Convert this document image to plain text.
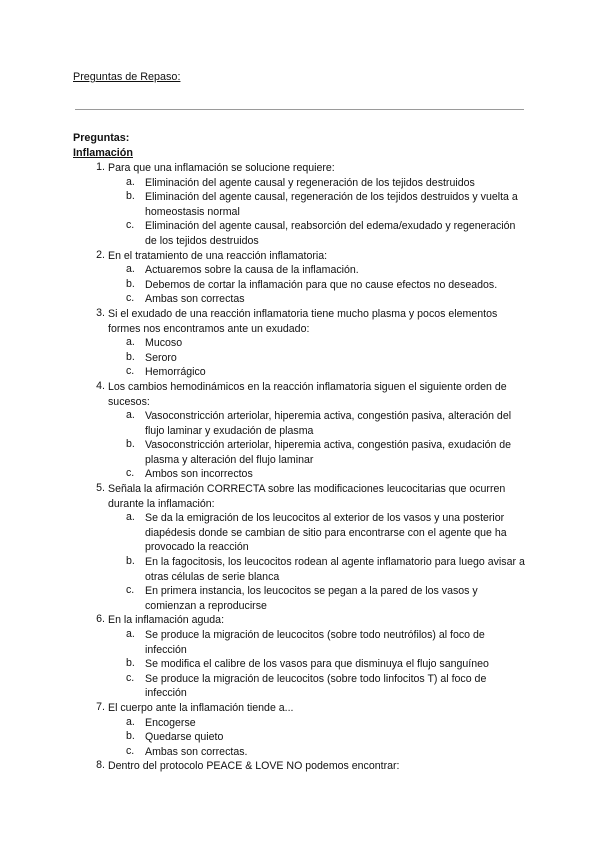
Preguntas de Repaso:
Preguntas:
Inflamación
1. Para que una inflamación se solucione requiere:
a. Eliminación del agente causal y regeneración de los tejidos destruidos
b. Eliminación del agente causal, regeneración de los tejidos destruidos y vuelta a homeostasis normal
c. Eliminación del agente causal, reabsorción del edema/exudado y regeneración de los tejidos destruidos
2. En el tratamiento de una reacción inflamatoria:
a. Actuaremos sobre la causa de la inflamación.
b. Debemos de cortar la inflamación para que no cause efectos no deseados.
c. Ambas son correctas
3. Si el exudado de una reacción inflamatoria tiene mucho plasma y pocos elementos formes nos encontramos ante un exudado:
a. Mucoso
b. Seroro
c. Hemorrágico
4. Los cambios hemodinámicos en la reacción inflamatoria siguen el siguiente orden de sucesos:
a. Vasoconstricción arteriolar, hiperemia activa, congestión pasiva, alteración del flujo laminar y exudación de plasma
b. Vasoconstricción arteriolar, hiperemia activa, congestión pasiva, exudación de plasma y alteración del flujo laminar
c. Ambos son incorrectos
5. Señala la afirmación CORRECTA sobre las modificaciones leucocitarias que ocurren durante la inflamación:
a. Se da la emigración de los leucocitos al exterior de los vasos y una posterior diapédesis donde se cambian de sitio para encontrarse con el agente que ha provocado la reacción
b. En la fagocitosis, los leucocitos rodean al agente inflamatorio para luego avisar a otras células de serie blanca
c. En primera instancia, los leucocitos se pegan a la pared de los vasos y comienzan a reproducirse
6. En la inflamación aguda:
a. Se produce la migración de leucocitos (sobre todo neutrófilos) al foco de infección
b. Se modifica el calibre de los vasos para que disminuya el flujo sanguíneo
c. Se produce la migración de leucocitos (sobre todo linfocitos T) al foco de infección
7. El cuerpo ante la inflamación tiende a...
a. Encogerse
b. Quedarse quieto
c. Ambas son correctas.
8. Dentro del protocolo PEACE & LOVE NO podemos encontrar:
